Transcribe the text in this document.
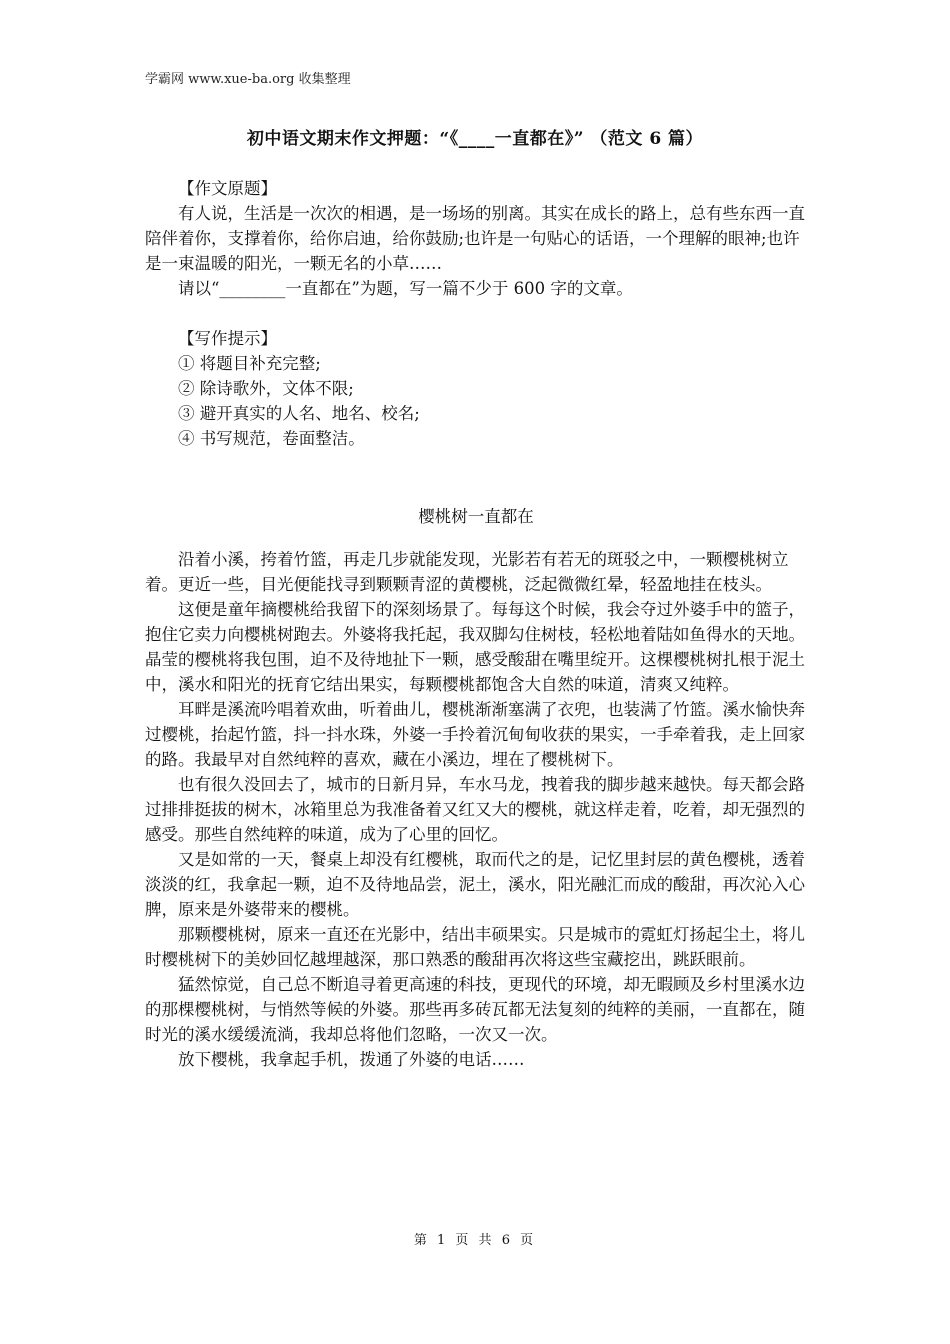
学霸网 www.xue-ba.org 收集整理
初中语文期末作文押题：“《____一直都在》” （范文 6 篇）

【作文原题】

有人说，生活是一次次的相遇，是一场场的别离。其实在成长的路上，总有些东西一直陪伴着你，支撑着你，给你启迪，给你鼓励;也许是一句贴心的话语，一个理解的眼神;也许是一束温暖的阳光，一颗无名的小草……

请以“________一直都在”为题，写一篇不少于 600 字的文章。

【写作提示】

① 将题目补充完整;

② 除诗歌外，文体不限;

③ 避开真实的人名、地名、校名;

④ 书写规范，卷面整洁。

樱桃树一直都在

沿着小溪，挎着竹篮，再走几步就能发现，光影若有若无的斑驳之中，一颗樱桃树立着。更近一些，目光便能找寻到颗颗青涩的黄樱桃，泛起微微红晕，轻盈地挂在枝头。

这便是童年摘樱桃给我留下的深刻场景了。每每这个时候，我会夺过外婆手中的篮子，抱住它卖力向樱桃树跑去。外婆将我托起，我双脚勾住树枝，轻松地着陆如鱼得水的天地。晶莹的樱桃将我包围，迫不及待地扯下一颗，感受酸甜在嘴里绽开。这棵樱桃树扎根于泥土中，溪水和阳光的抚育它结出果实，每颗樱桃都饱含大自然的味道，清爽又纯粹。

耳畔是溪流吟唱着欢曲，听着曲儿，樱桃渐渐塞满了衣兜，也装满了竹篮。溪水愉快奔过樱桃，抬起竹篮，抖一抖水珠，外婆一手拎着沉甸甸收获的果实，一手牵着我，走上回家的路。我最早对自然纯粹的喜欢，藏在小溪边，埋在了樱桃树下。

也有很久没回去了，城市的日新月异，车水马龙，拽着我的脚步越来越快。每天都会路过排排挺拔的树木，冰箱里总为我准备着又红又大的樱桃，就这样走着，吃着，却无强烈的感受。那些自然纯粹的味道，成为了心里的回忆。

又是如常的一天，餐桌上却没有红樱桃，取而代之的是，记忆里封层的黄色樱桃，透着淡淡的红，我拿起一颗，迫不及待地品尝，泥土，溪水，阳光融汇而成的酸甜，再次沁入心脾，原来是外婆带来的樱桃。

那颗樱桃树，原来一直还在光影中，结出丰硕果实。只是城市的霓虹灯扬起尘土，将儿时樱桃树下的美妙回忆越埋越深，那口熟悉的酸甜再次将这些宝藏挖出，跳跃眼前。

猛然惊觉，自己总不断追寻着更高速的科技，更现代的环境，却无暇顾及乡村里溪水边的那棵樱桃树，与悄然等候的外婆。那些再多砖瓦都无法复刻的纯粹的美丽，一直都在，随时光的溪水缓缓流淌，我却总将他们忽略，一次又一次。

放下樱桃，我拿起手机，拨通了外婆的电话……

第 1 页 共 6 页
